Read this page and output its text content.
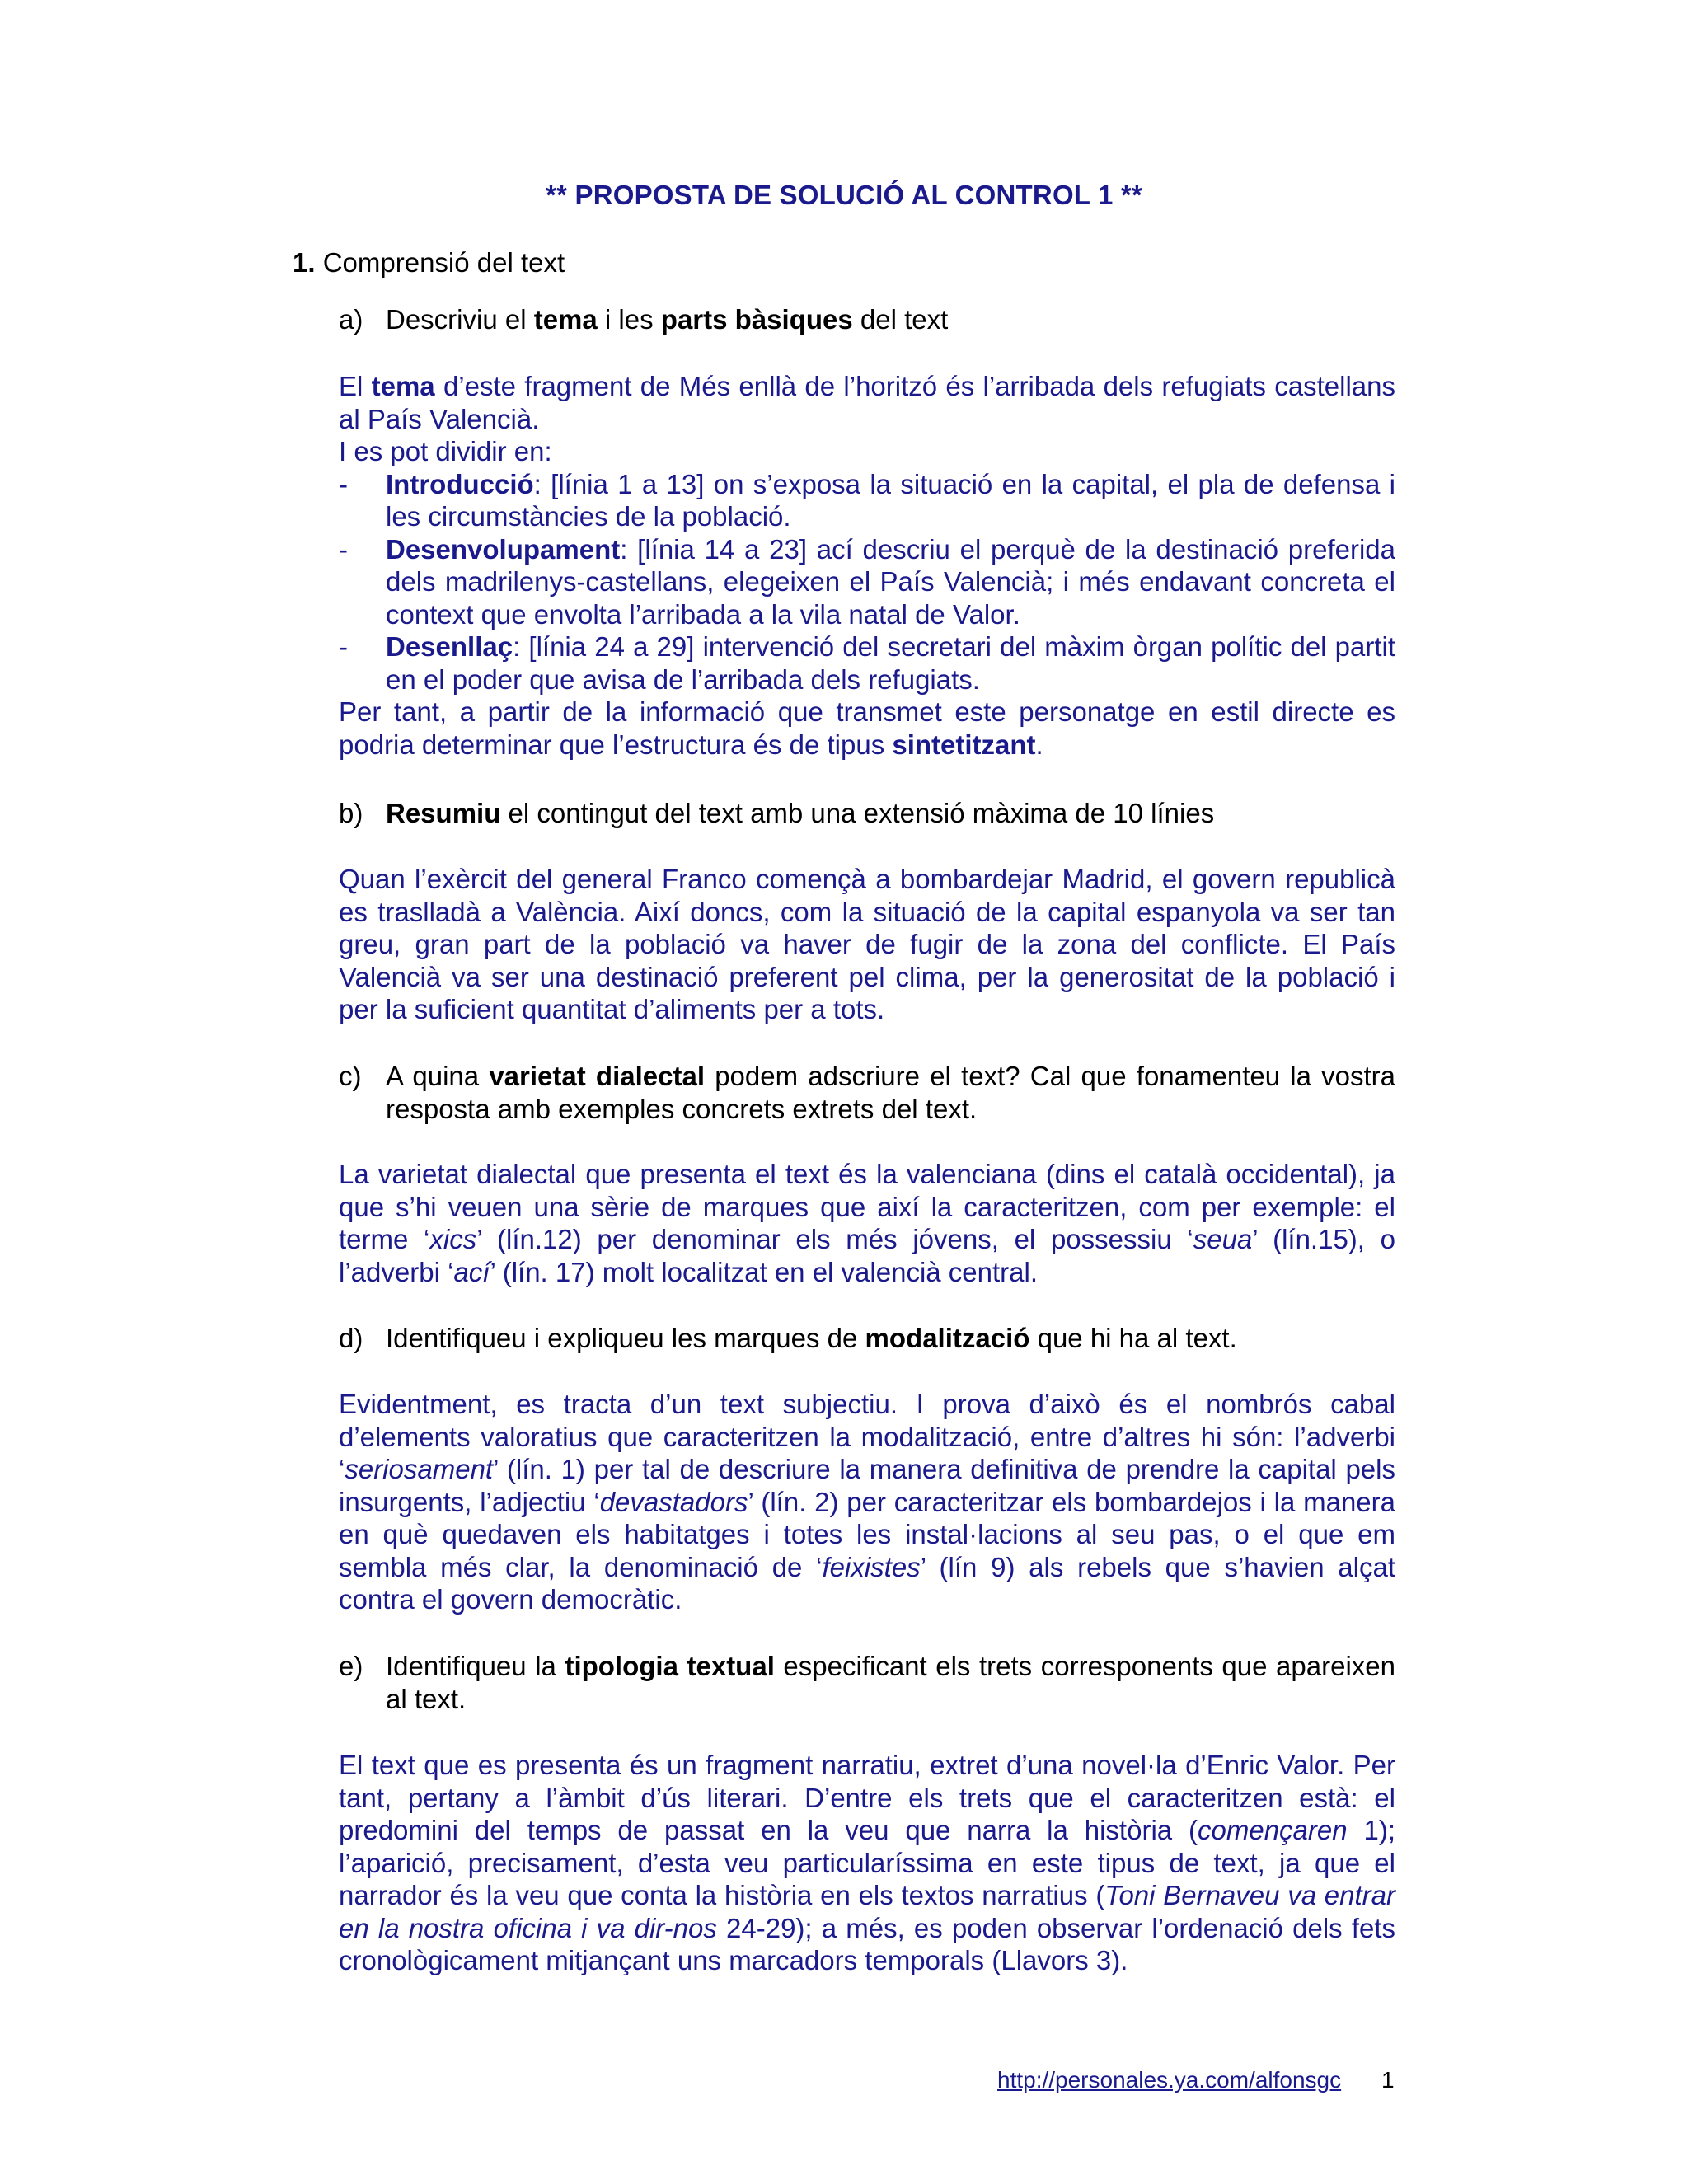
** PROPOSTA DE SOLUCIÓ AL CONTROL 1 **
1. Comprensió del text
a) Descriviu el tema i les parts bàsiques del text
El tema d’este fragment de Més enllà de l’horitzó és l’arribada dels refugiats castellans al País Valencià.
I es pot dividir en:
-	Introducció: [línia 1 a 13] on s’exposa la situació en la capital, el pla de defensa i les circumstàncies de la població.
-	Desenvolupament: [línia 14 a 23] ací descriu el perquè de la destinació preferida dels madrilenys-castellans, elegeixen el País Valencià; i més endavant concreta el context que envolta l’arribada a la vila natal de Valor.
-	Desenllaç: [línia 24 a 29] intervenció del secretari del màxim òrgan polític del partit en el poder que avisa de l’arribada dels refugiats.
Per tant, a partir de la informació que transmet este personatge en estil directe es podria determinar que l’estructura és de tipus sintetitzant.
b) Resumiu el contingut del text amb una extensió màxima de 10 línies
Quan l’exèrcit del general Franco començà a bombardejar Madrid, el govern republicà es traslladà a València. Així doncs, com la situació de la capital espanyola va ser tan greu, gran part de la població va haver de fugir de la zona del conflicte. El País Valencià va ser una destinació preferent pel clima, per la generositat de la població i per la suficient quantitat d’aliments per a tots.
c) A quina varietat dialectal podem adscriure el text? Cal que fonamenteu la vostra resposta amb exemples concrets extrets del text.
La varietat dialectal que presenta el text és la valenciana (dins el català occidental), ja que s’hi veuen una sèrie de marques que així la caracteritzen, com per exemple: el terme ‘xics’ (lín.12) per denominar els més jóvens, el possessiu ‘seua’ (lín.15), o l’adverbi ‘ací’ (lín. 17) molt localitzat en el valencià central.
d) Identifiqueu i expliqueu les marques de modalització que hi ha al text.
Evidentment, es tracta d’un text subjectiu. I prova d’això és el nombrós cabal d’elements valoratius que caracteritzen la modalització, entre d’altres hi són: l’adverbi ‘seriosament’ (lín. 1) per tal de descriure la manera definitiva de prendre la capital pels insurgents, l’adjectiu ‘devastadors’ (lín. 2) per caracteritzar els bombardejos i la manera en què quedaven els habitatges i totes les instal·lacions al seu pas, o el que em sembla més clar, la denominació de ‘feixistes’ (lín 9) als rebels que s’havien alçat contra el govern democràtic.
e) Identifiqueu la tipologia textual especificant els trets corresponents que apareixen al text.
El text que es presenta és un fragment narratiu, extret d’una novel·la d’Enric Valor. Per tant, pertany a l’àmbit d’ús literari. D’entre els trets que el caracteritzen està: el predomini del temps de passat en la veu que narra la història (començaren 1); l’aparició, precisament, d’esta veu particularíssima en este tipus de text, ja que el narrador és la veu que conta la història en els textos narratius (Toni Bernaveu va entrar en la nostra oficina i va dir-nos 24-29); a més, es poden observar l’ordenació dels fets cronològicament mitjançant uns marcadors temporals (Llavors 3).
http://personales.ya.com/alfonsgc 1
